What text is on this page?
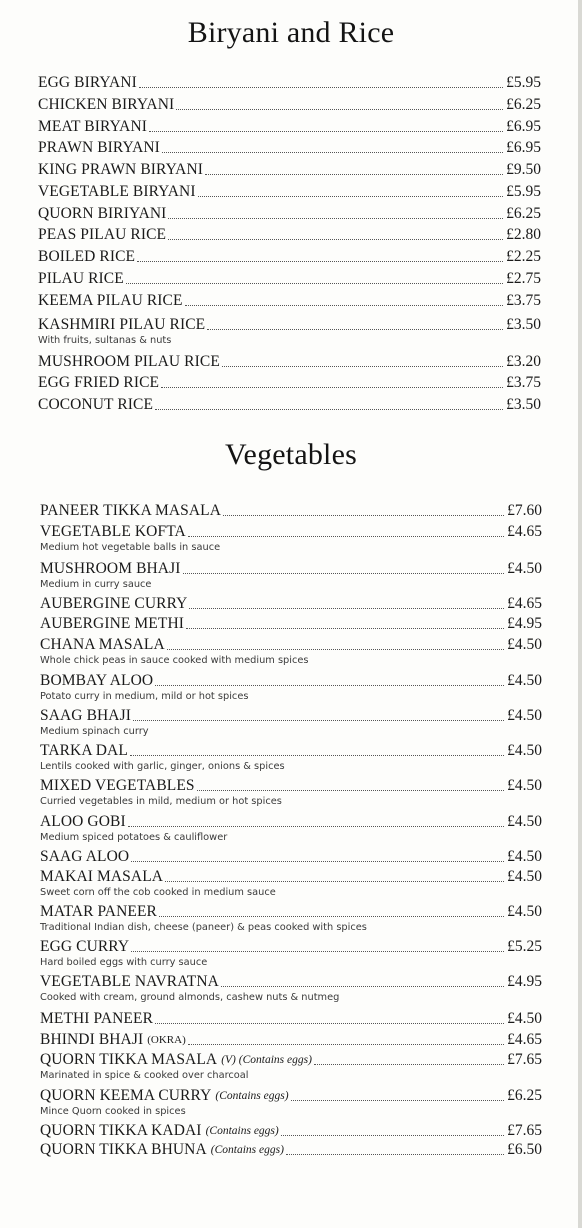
Biryani and Rice
EGG BIRYANI	£5.95
CHICKEN BIRYANI	£6.25
MEAT BIRYANI	£6.95
PRAWN BIRYANI	£6.95
KING PRAWN BIRYANI	£9.50
VEGETABLE BIRYANI	£5.95
QUORN BIRIYANI	£6.25
PEAS PILAU RICE	£2.80
BOILED RICE	£2.25
PILAU RICE	£2.75
KEEMA PILAU RICE	£3.75
KASHMIRI PILAU RICE	£3.50
With fruits, sultanas & nuts
MUSHROOM PILAU RICE	£3.20
EGG FRIED RICE	£3.75
COCONUT RICE	£3.50
Vegetables
PANEER TIKKA MASALA	£7.60
VEGETABLE KOFTA	£4.65
Medium hot vegetable balls in sauce
MUSHROOM BHAJI	£4.50
Medium in curry sauce
AUBERGINE CURRY	£4.65
AUBERGINE METHI	£4.95
CHANA MASALA	£4.50
Whole chick peas in sauce cooked with medium spices
BOMBAY ALOO	£4.50
Potato curry in medium, mild or hot spices
SAAG BHAJI	£4.50
Medium spinach curry
TARKA DAL	£4.50
Lentils cooked with garlic, ginger, onions & spices
MIXED VEGETABLES	£4.50
Curried vegetables in mild, medium or hot spices
ALOO GOBI	£4.50
Medium spiced potatoes & cauliflower
SAAG ALOO	£4.50
MAKAI MASALA	£4.50
Sweet corn off the cob cooked in medium sauce
MATAR PANEER	£4.50
Traditional Indian dish, cheese (paneer) & peas cooked with spices
EGG CURRY	£5.25
Hard boiled eggs with curry sauce
VEGETABLE NAVRATNA	£4.95
Cooked with cream, ground almonds, cashew nuts & nutmeg
METHI PANEER	£4.50
BHINDI BHAJI (OKRA)	£4.65
QUORN TIKKA MASALA (V) (Contains eggs)	£7.65
Marinated in spice & cooked over charcoal
QUORN KEEMA CURRY (Contains eggs)	£6.25
Mince Quorn cooked in spices
QUORN TIKKA KADAI (Contains eggs)	£7.65
QUORN TIKKA BHUNA (Contains eggs)	£6.50
